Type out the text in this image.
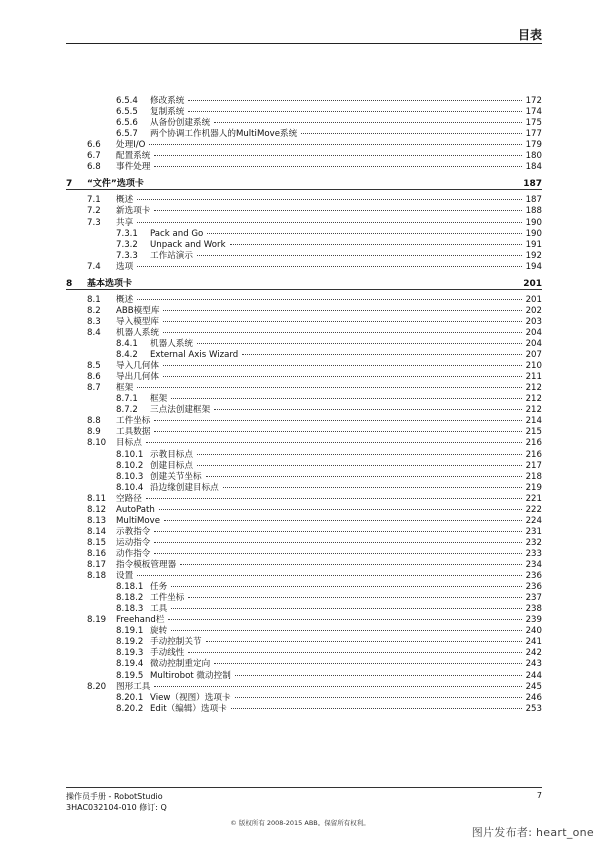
目表
6.5.4	修改系统	172
6.5.5	复制系统	174
6.5.6	从备份创建系统	175
6.5.7	两个协调工作机器人的MultiMove系统	177
6.6	处理I/O	179
6.7	配置系统	180
6.8	事件处理	184
7	“文件”选项卡	187
7.1	概述	187
7.2	新选项卡	188
7.3	共享	190
7.3.1	Pack and Go	190
7.3.2	Unpack and Work	191
7.3.3	工作站演示	192
7.4	选项	194
8	基本选项卡	201
8.1	概述	201
8.2	ABB模型库	202
8.3	导入模型库	203
8.4	机器人系统	204
8.4.1	机器人系统	204
8.4.2	External Axis Wizard	207
8.5	导入几何体	210
8.6	导出几何体	211
8.7	框架	212
8.7.1	框架	212
8.7.2	三点法创建框架	212
8.8	工件坐标	214
8.9	工具数据	215
8.10	目标点	216
8.10.1 示教目标点	216
8.10.2 创建目标点	217
8.10.3 创建关节坐标	218
8.10.4 沿边缘创建目标点	219
8.11	空路径	221
8.12	AutoPath	222
8.13	MultiMove	224
8.14	示教指令	231
8.15	运动指令	232
8.16	动作指令	233
8.17	指令模板管理器	234
8.18	设置	236
8.18.1 任务	236
8.18.2 工件坐标	237
8.18.3 工具	238
8.19	Freehand栏	239
8.19.1 旋转	240
8.19.2 手动控制关节	241
8.19.3 手动线性	242
8.19.4 微动控制重定向	243
8.19.5 Multirobot 微动控制	244
8.20	图形工具	245
8.20.1 View（视图）选项卡	246
8.20.2 Edit（编辑）选项卡	253
操作员手册 - RobotStudio
3HAC032104-010 修订: Q
7
© 版权所有 2008-2015 ABB。保留所有权利。
图片发布者: heart_one
